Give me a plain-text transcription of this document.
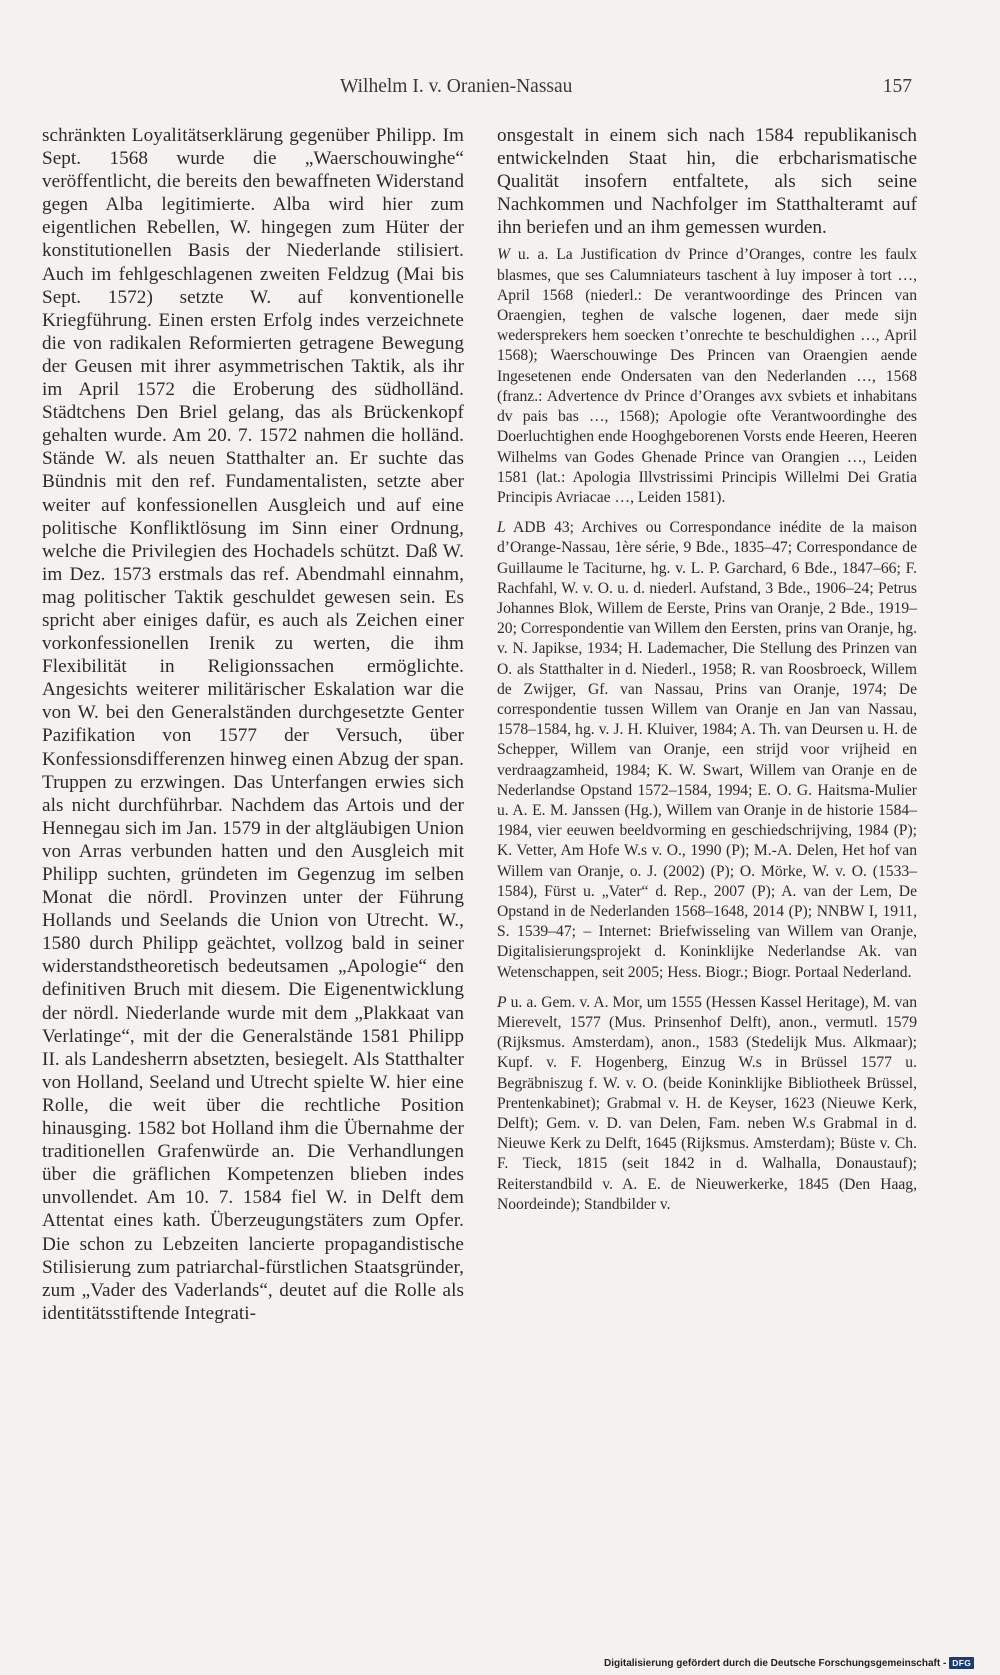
Wilhelm I. v. Oranien-Nassau	157

schränkten Loyalitätserklärung gegenüber Philipp. Im Sept. 1568 wurde die „Waerschouwinghe“ veröffentlicht, die bereits den bewaffneten Widerstand gegen Alba legitimierte. Alba wird hier zum eigentlichen Rebellen, W. hingegen zum Hüter der konstitutionellen Basis der Niederlande stilisiert. Auch im fehlgeschlagenen zweiten Feldzug (Mai bis Sept. 1572) setzte W. auf konventionelle Kriegführung. Einen ersten Erfolg indes verzeichnete die von radikalen Reformierten getragene Bewegung der Geusen mit ihrer asymmetrischen Taktik, als ihr im April 1572 die Eroberung des südholländ. Städtchens Den Briel gelang, das als Brückenkopf gehalten wurde. Am 20. 7. 1572 nahmen die holländ. Stände W. als neuen Statthalter an. Er suchte das Bündnis mit den ref. Fundamentalisten, setzte aber weiter auf konfessionellen Ausgleich und auf eine politische Konfliktlösung im Sinn einer Ordnung, welche die Privilegien des Hochadels schützt. Daß W. im Dez. 1573 erstmals das ref. Abendmahl einnahm, mag politischer Taktik geschuldet gewesen sein. Es spricht aber einiges dafür, es auch als Zeichen einer vorkonfessionellen Irenik zu werten, die ihm Flexibilität in Religionssachen ermöglichte. Angesichts weiterer militärischer Eskalation war die von W. bei den Generalständen durchgesetzte Genter Pazifikation von 1577 der Versuch, über Konfessionsdifferenzen hinweg einen Abzug der span. Truppen zu erzwingen. Das Unterfangen erwies sich als nicht durchführbar. Nachdem das Artois und der Hennegau sich im Jan. 1579 in der altgläubigen Union von Arras verbunden hatten und den Ausgleich mit Philipp suchten, gründeten im Gegenzug im selben Monat die nördl. Provinzen unter der Führung Hollands und Seelands die Union von Utrecht. W., 1580 durch Philipp geächtet, vollzog bald in seiner widerstandstheoretisch bedeutsamen „Apologie“ den definitiven Bruch mit diesem. Die Eigenentwicklung der nördl. Niederlande wurde mit dem „Plakkaat van Verlatinge“, mit der die Generalstände 1581 Philipp II. als Landesherrn absetzten, besiegelt. Als Statthalter von Holland, Seeland und Utrecht spielte W. hier eine Rolle, die weit über die rechtliche Position hinausging. 1582 bot Holland ihm die Übernahme der traditionellen Grafenwürde an. Die Verhandlungen über die gräflichen Kompetenzen blieben indes unvollendet. Am 10. 7. 1584 fiel W. in Delft dem Attentat eines kath. Überzeugungstäters zum Opfer. Die schon zu Lebzeiten lancierte propagandistische Stilisierung zum patriarchal-fürstlichen Staatsgründer, zum „Vader des Vaderlands“, deutet auf die Rolle als identitätsstiftende Integrati-

onsgestalt in einem sich nach 1584 republikanisch entwickelnden Staat hin, die erbcharismatische Qualität insofern entfaltete, als sich seine Nachkommen und Nachfolger im Statthalteramt auf ihn beriefen und an ihm gemessen wurden.

W u. a. La Justification dv Prince d’Oranges, contre les faulx blasmes, que ses Calumniateurs taschent à luy imposer à tort …, April 1568 (niederl.: De verantwoordinge des Princen van Oraengien, teghen de valsche logenen, daer mede sijn wedersprekers hem soecken t’onrechte te beschuldighen …, April 1568); Waerschouwinge Des Princen van Oraengien aende Ingesetenen ende Ondersaten van den Nederlanden …, 1568 (franz.: Advertence dv Prince d’Oranges avx svbiets et inhabitans dv pais bas …, 1568); Apologie ofte Verantwoordinghe des Doerluchtighen ende Hooghgeborenen Vorsts ende Heeren, Heeren Wilhelms van Godes Ghenade Prince van Orangien …, Leiden 1581 (lat.: Apologia Illvstrissimi Principis Willelmi Dei Gratia Principis Avriacae …, Leiden 1581).

L ADB 43; Archives ou Correspondance inédite de la maison d’Orange-Nassau, 1ère série, 9 Bde., 1835–47; Correspondance de Guillaume le Taciturne, hg. v. L. P. Garchard, 6 Bde., 1847–66; F. Rachfahl, W. v. O. u. d. niederl. Aufstand, 3 Bde., 1906–24; Petrus Johannes Blok, Willem de Eerste, Prins van Oranje, 2 Bde., 1919–20; Correspondentie van Willem den Eersten, prins van Oranje, hg. v. N. Japikse, 1934; H. Lademacher, Die Stellung des Prinzen van O. als Statthalter in d. Niederl., 1958; R. van Roosbroeck, Willem de Zwijger, Gf. van Nassau, Prins van Oranje, 1974; De correspondentie tussen Willem van Oranje en Jan van Nassau, 1578–1584, hg. v. J. H. Kluiver, 1984; A. Th. van Deursen u. H. de Schepper, Willem van Oranje, een strijd voor vrijheid en verdraagzamheid, 1984; K. W. Swart, Willem van Oranje en de Nederlandse Opstand 1572–1584, 1994; E. O. G. Haitsma-Mulier u. A. E. M. Janssen (Hg.), Willem van Oranje in de historie 1584–1984, vier eeuwen beeldvorming en geschiedschrijving, 1984 (P); K. Vetter, Am Hofe W.s v. O., 1990 (P); M.-A. Delen, Het hof van Willem van Oranje, o. J. (2002) (P); O. Mörke, W. v. O. (1533–1584), Fürst u. „Vater“ d. Rep., 2007 (P); A. van der Lem, De Opstand in de Nederlanden 1568–1648, 2014 (P); NNBW I, 1911, S. 1539–47; – Internet: Briefwisseling van Willem van Oranje, Digitalisierungsprojekt d. Koninklijke Nederlandse Ak. van Wetenschappen, seit 2005; Hess. Biogr.; Biogr. Portaal Nederland.

P u. a. Gem. v. A. Mor, um 1555 (Hessen Kassel Heritage), M. van Mierevelt, 1577 (Mus. Prinsenhof Delft), anon., vermutl. 1579 (Rijksmus. Amsterdam), anon., 1583 (Stedelijk Mus. Alkmaar); Kupf. v. F. Hogenberg, Einzug W.s in Brüssel 1577 u. Begräbniszug f. W. v. O. (beide Koninklijke Bibliotheek Brüssel, Prentenkabinet); Grabmal v. H. de Keyser, 1623 (Nieuwe Kerk, Delft); Gem. v. D. van Delen, Fam. neben W.s Grabmal in d. Nieuwe Kerk zu Delft, 1645 (Rijksmus. Amsterdam); Büste v. Ch. F. Tieck, 1815 (seit 1842 in d. Walhalla, Donaustauf); Reiterstandbild v. A. E. de Nieuwerkerke, 1845 (Den Haag, Noordeinde); Standbilder v.

Digitalisierung gefördert durch die Deutsche Forschungsgemeinschaft - DFG
